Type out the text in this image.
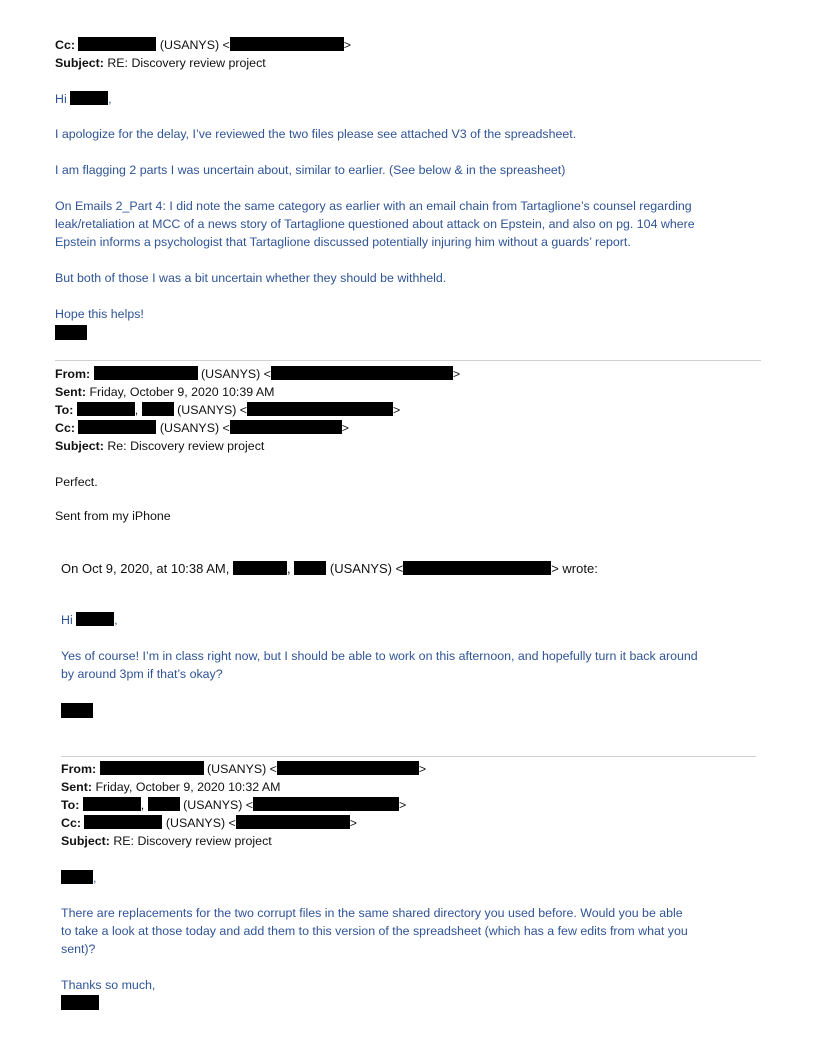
Cc:	(USANYS) <	>
Subject: RE: Discovery review project
Hi	,
I apologize for the delay, I’ve reviewed the two files please see attached V3 of the spreadsheet.
I am flagging 2 parts I was uncertain about, similar to earlier. (See below & in the spreasheet)
On Emails 2_Part 4: I did note the same category as earlier with an email chain from Tartaglione’s counsel regarding
leak/retaliation at MCC of a news story of Tartaglione questioned about attack on Epstein, and also on pg. 104 where
Epstein informs a psychologist that Tartaglione discussed potentially injuring him without a guards’ report.
But both of those I was a bit uncertain whether they should be withheld.
Hope this helps!
From:	(USANYS) <	>
Sent: Friday, October 9, 2020 10:39 AM
To:	,	(USANYS) <	>
Cc:	(USANYS) <	>
Subject: Re: Discovery review project
Perfect.
Sent from my iPhone
On Oct 9, 2020, at 10:38 AM,	,	(USANYS) <	> wrote:
Hi	,
Yes of course! I’m in class right now, but I should be able to work on this afternoon, and hopefully turn it back around
by around 3pm if that’s okay?
From:	(USANYS) <	>
Sent: Friday, October 9, 2020 10:32 AM
To:	,	(USANYS) <	>
Cc:	(USANYS) <	>
Subject: RE: Discovery review project
,
There are replacements for the two corrupt files in the same shared directory you used before. Would you be able
to take a look at those today and add them to this version of the spreadsheet (which has a few edits from what you
sent)?
Thanks so much,
